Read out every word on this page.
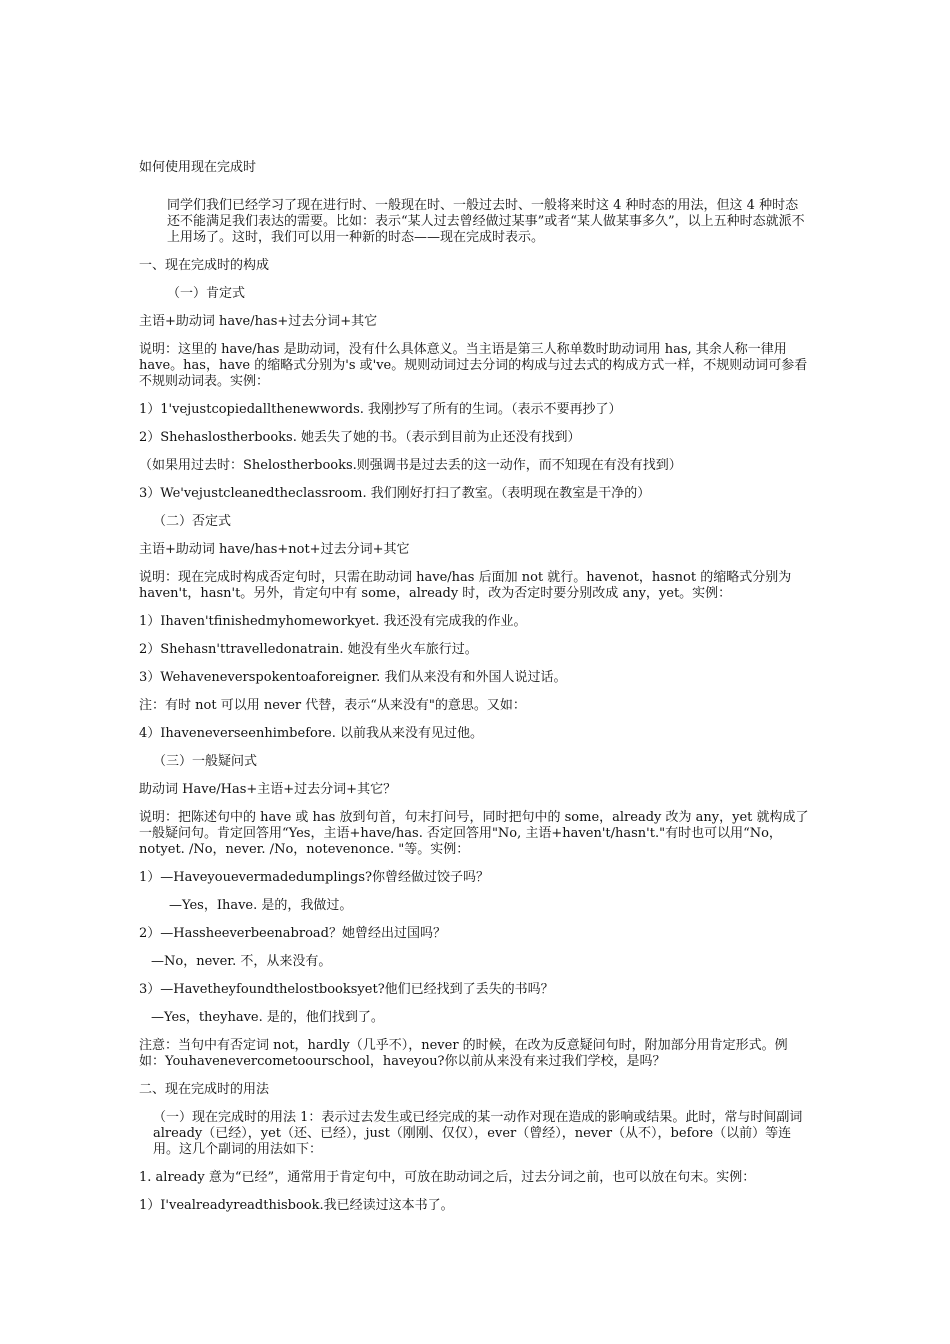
如何使用现在完成时

同学们我们已经学习了现在进行时、一般现在时、一般过去时、一般将来时这 4 种时态的用法，但这 4 种时态还不能满足我们表达的需要。比如：表示“某人过去曾经做过某事”或者“某人做某事多久”，以上五种时态就派不上用场了。这时，我们可以用一种新的时态——现在完成时表示。

一、现在完成时的构成

（一）肯定式

主语+助动词 have/has+过去分词+其它

说明：这里的 have/has 是助动词，没有什么具体意义。当主语是第三人称单数时助动词用 has, 其余人称一律用 have。has，have 的缩略式分别为's 或've。规则动词过去分词的构成与过去式的构成方式一样，不规则动词可参看不规则动词表。实例：

1）1'vejustcopiedallthenewwords. 我刚抄写了所有的生词。（表示不要再抄了）

2）Shehaslostherbooks. 她丢失了她的书。（表示到目前为止还没有找到）

（如果用过去时：Shelostherbooks.则强调书是过去丢的这一动作，而不知现在有没有找到）

3）We'vejustcleanedtheclassroom. 我们刚好打扫了教室。（表明现在教室是干净的）

（二）否定式

主语+助动词 have/has+not+过去分词+其它

说明：现在完成时构成否定句时，只需在助动词 have/has 后面加 not 就行。havenot，hasnot 的缩略式分别为 haven't，hasn't。另外，肯定句中有 some，already 时，改为否定时要分别改成 any，yet。实例：

1）Ihaven'tfinishedmyhomeworkyet. 我还没有完成我的作业。

2）Shehasn'ttravelledonatrain. 她没有坐火车旅行过。

3）Wehaveneverspokentoaforeigner. 我们从来没有和外国人说过话。

注：有时 not 可以用 never 代替，表示“从来没有"的意思。又如：

4）Ihaveneverseenhimbefore. 以前我从来没有见过他。

（三）一般疑问式

助动词 Have/Has+主语+过去分词+其它？

说明：把陈述句中的 have 或 has 放到句首，句末打问号，同时把句中的 some，already 改为 any，yet 就构成了一般疑问句。肯定回答用“Yes，主语+have/has. 否定回答用"No, 主语+haven't/hasn't."有时也可以用“No，notyet. /No，never. /No，notevenonce. "等。实例：

1）—Haveyouevermadedumplings?你曾经做过饺子吗？

—Yes，Ihave. 是的，我做过。

2）—Hassheeverbeenabroad？她曾经出过国吗？

—No，never. 不，从来没有。

3）—Havetheyfoundthelostbooksyet?他们已经找到了丢失的书吗？

—Yes，theyhave. 是的，他们找到了。

注意：当句中有否定词 not，hardly（几乎不），never 的时候，在改为反意疑问句时，附加部分用肯定形式。例如：Youhavenevercometoourschool，haveyou?你以前从来没有来过我们学校，是吗？

二、现在完成时的用法

（一）现在完成时的用法 1：表示过去发生或已经完成的某一动作对现在造成的影响或结果。此时，常与时间副词 already（已经），yet（还、已经），just（刚刚、仅仅），ever（曾经），never（从不），before（以前）等连用。这几个副词的用法如下：

1. already 意为“已经”，通常用于肯定句中，可放在助动词之后，过去分词之前，也可以放在句末。实例：

1）I'vealreadyreadthisbook.我已经读过这本书了。
